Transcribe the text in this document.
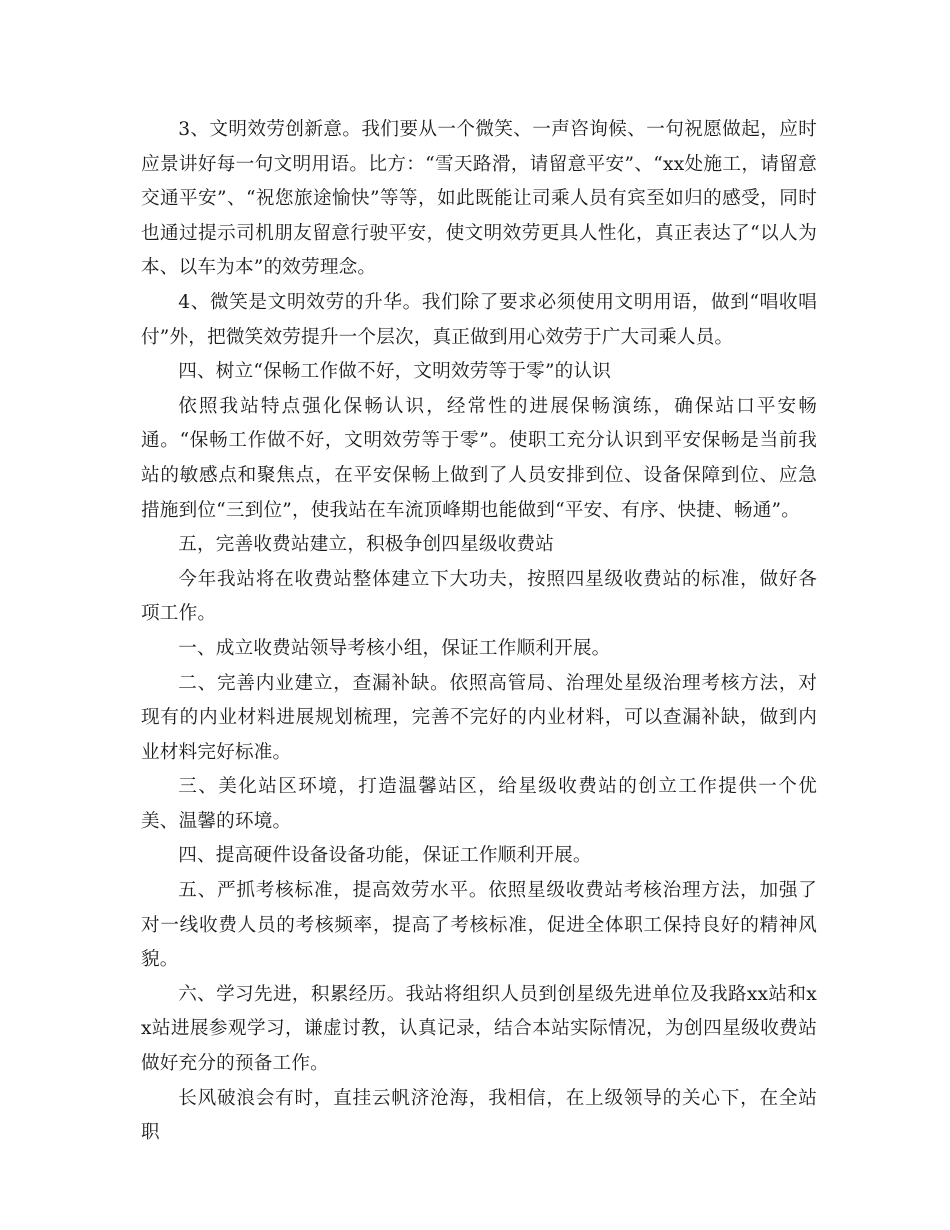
3、文明效劳创新意。我们要从一个微笑、一声咨询候、一句祝愿做起，应时应景讲好每一句文明用语。比方：“雪天路滑，请留意平安”、“xx处施工，请留意交通平安”、“祝您旅途愉快”等等，如此既能让司乘人员有宾至如归的感受，同时也通过提示司机朋友留意行驶平安，使文明效劳更具人性化，真正表达了“以人为本、以车为本”的效劳理念。

4、微笑是文明效劳的升华。我们除了要求必须使用文明用语，做到“唱收唱付”外，把微笑效劳提升一个层次，真正做到用心效劳于广大司乘人员。

四、树立“保畅工作做不好，文明效劳等于零”的认识

依照我站特点强化保畅认识，经常性的进展保畅演练，确保站口平安畅通。“保畅工作做不好，文明效劳等于零”。使职工充分认识到平安保畅是当前我站的敏感点和聚焦点，在平安保畅上做到了人员安排到位、设备保障到位、应急措施到位“三到位”，使我站在车流顶峰期也能做到“平安、有序、快捷、畅通”。

五，完善收费站建立，积极争创四星级收费站

今年我站将在收费站整体建立下大功夫，按照四星级收费站的标准，做好各项工作。

一、成立收费站领导考核小组，保证工作顺利开展。

二、完善内业建立，查漏补缺。依照高管局、治理处星级治理考核方法，对现有的内业材料进展规划梳理，完善不完好的内业材料，可以查漏补缺，做到内业材料完好标准。

三、美化站区环境，打造温馨站区，给星级收费站的创立工作提供一个优美、温馨的环境。

四、提高硬件设备设备功能，保证工作顺利开展。

五、严抓考核标准，提高效劳水平。依照星级收费站考核治理方法，加强了对一线收费人员的考核频率，提高了考核标准，促进全体职工保持良好的精神风貌。

六、学习先进，积累经历。我站将组织人员到创星级先进单位及我路xx站和xx站进展参观学习，谦虚讨教，认真记录，结合本站实际情况，为创四星级收费站做好充分的预备工作。

长风破浪会有时，直挂云帆济沧海，我相信，在上级领导的关心下，在全站职
